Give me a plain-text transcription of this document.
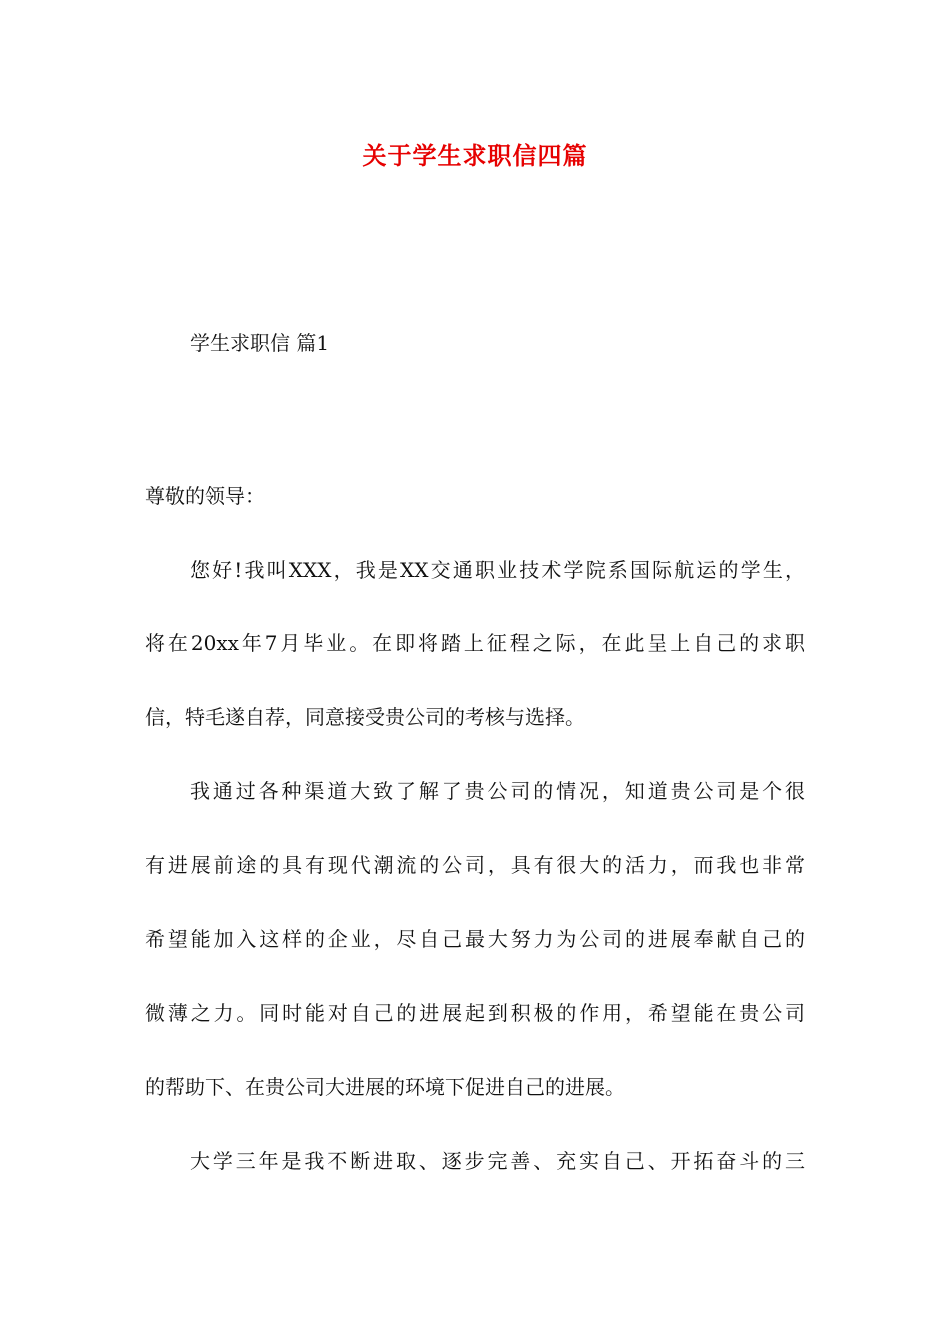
关于学生求职信四篇
学生求职信 篇1

尊敬的领导：

您好!我叫XXX，我是XX交通职业技术学院系国际航运的学生，

将在20xx年7月毕业。在即将踏上征程之际，在此呈上自己的求职

信，特毛遂自荐，同意接受贵公司的考核与选择。

我通过各种渠道大致了解了贵公司的情况，知道贵公司是个很

有进展前途的具有现代潮流的公司，具有很大的活力，而我也非常

希望能加入这样的企业，尽自己最大努力为公司的进展奉献自己的

微薄之力。同时能对自己的进展起到积极的作用，希望能在贵公司

的帮助下、在贵公司大进展的环境下促进自己的进展。

大学三年是我不断进取、逐步完善、充实自己、开拓奋斗的三
